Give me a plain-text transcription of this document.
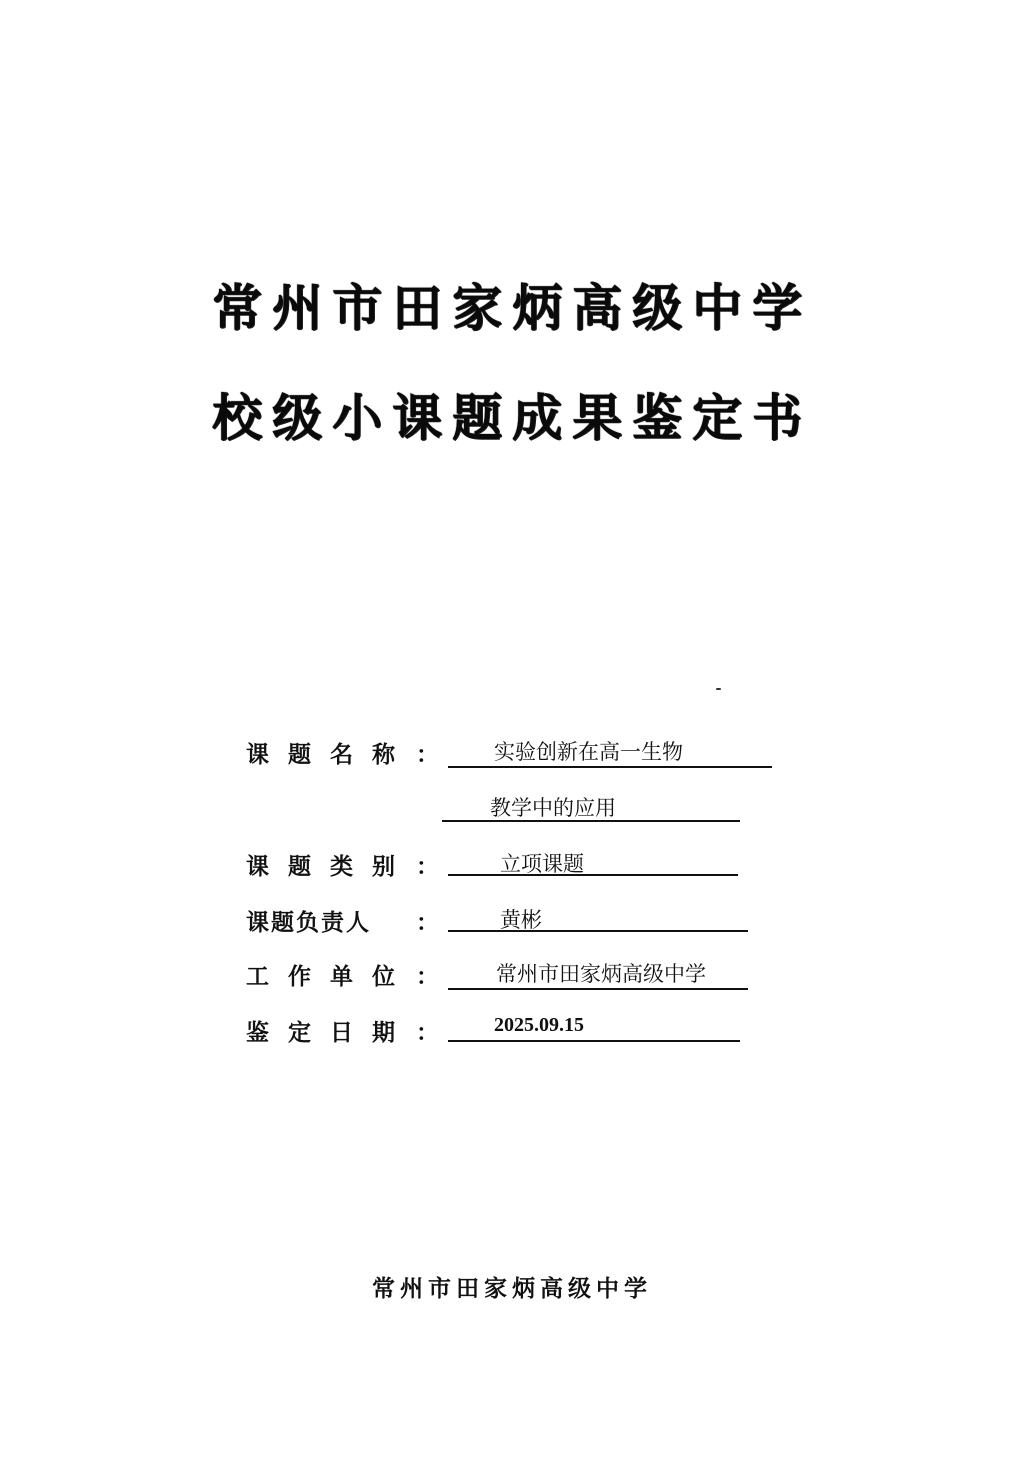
常州市田家炳高级中学
校级小课题成果鉴定书
课题名称 ：	实验创新在高一生物
教学中的应用
课题类别 ：	立项课题
课题负责人 ：	黄彬
工作单位 ：	常州市田家炳高级中学
鉴定日期 ：	2025.09.15
常州市田家炳高级中学
